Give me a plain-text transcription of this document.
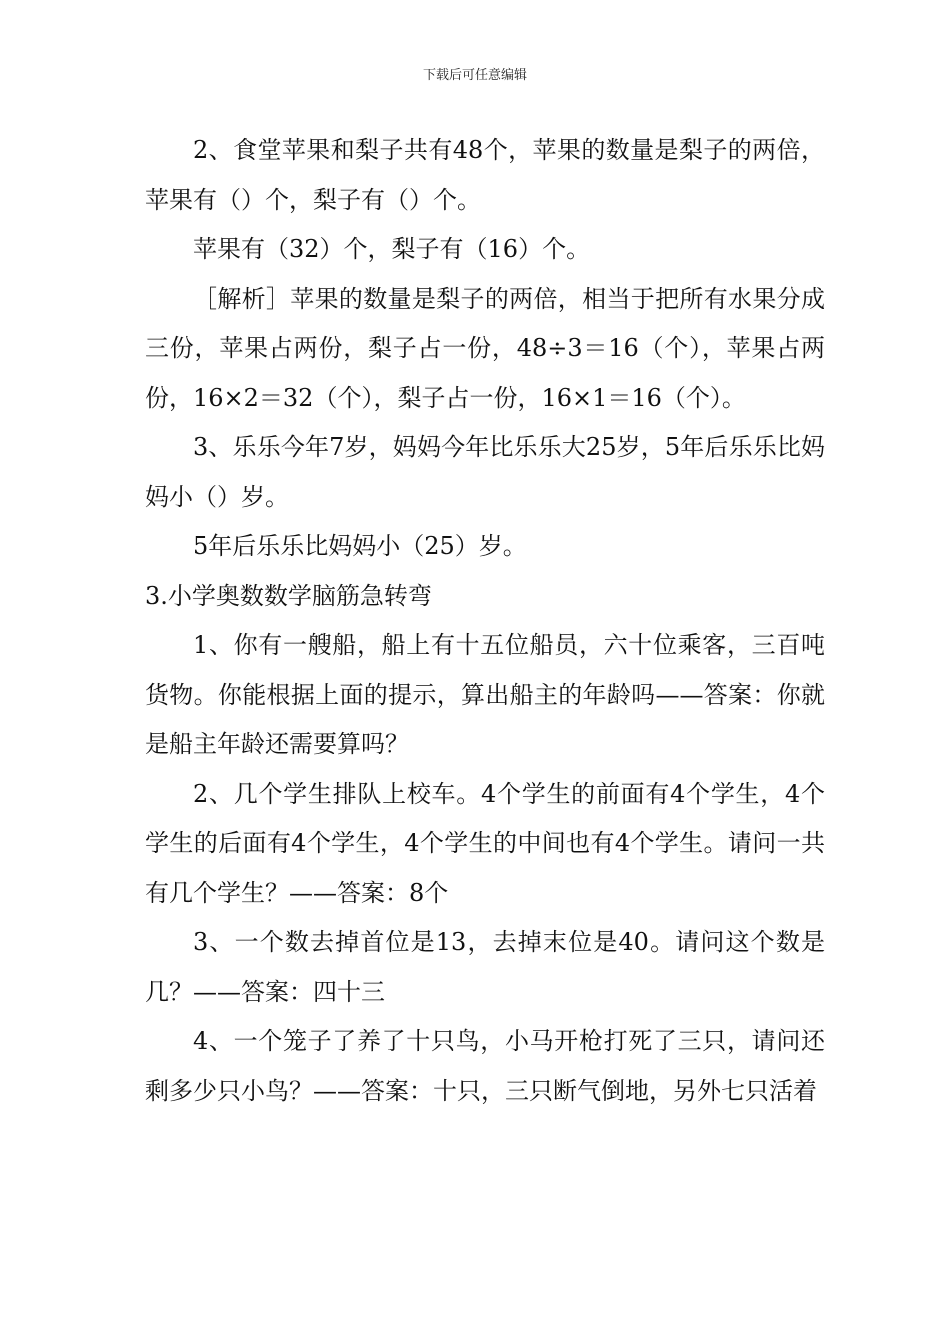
下载后可任意编辑

2、食堂苹果和梨子共有48个，苹果的数量是梨子的两倍，苹果有（）个，梨子有（）个。

苹果有（32）个，梨子有（16）个。

［解析］苹果的数量是梨子的两倍，相当于把所有水果分成三份，苹果占两份，梨子占一份，48÷3＝16（个），苹果占两份，16×2＝32（个），梨子占一份，16×1＝16（个）。

3、乐乐今年7岁，妈妈今年比乐乐大25岁，5年后乐乐比妈妈小（）岁。

5年后乐乐比妈妈小（25）岁。

3.小学奥数数学脑筋急转弯

1、你有一艘船，船上有十五位船员，六十位乘客，三百吨货物。你能根据上面的提示，算出船主的年龄吗——答案：你就是船主年龄还需要算吗？

2、几个学生排队上校车。4个学生的前面有4个学生，4个学生的后面有4个学生，4个学生的中间也有4个学生。请问一共有几个学生？——答案：8个

3、一个数去掉首位是13，去掉末位是40。请问这个数是几？——答案：四十三

4、一个笼子了养了十只鸟，小马开枪打死了三只，请问还剩多少只小鸟？——答案：十只，三只断气倒地，另外七只活着
